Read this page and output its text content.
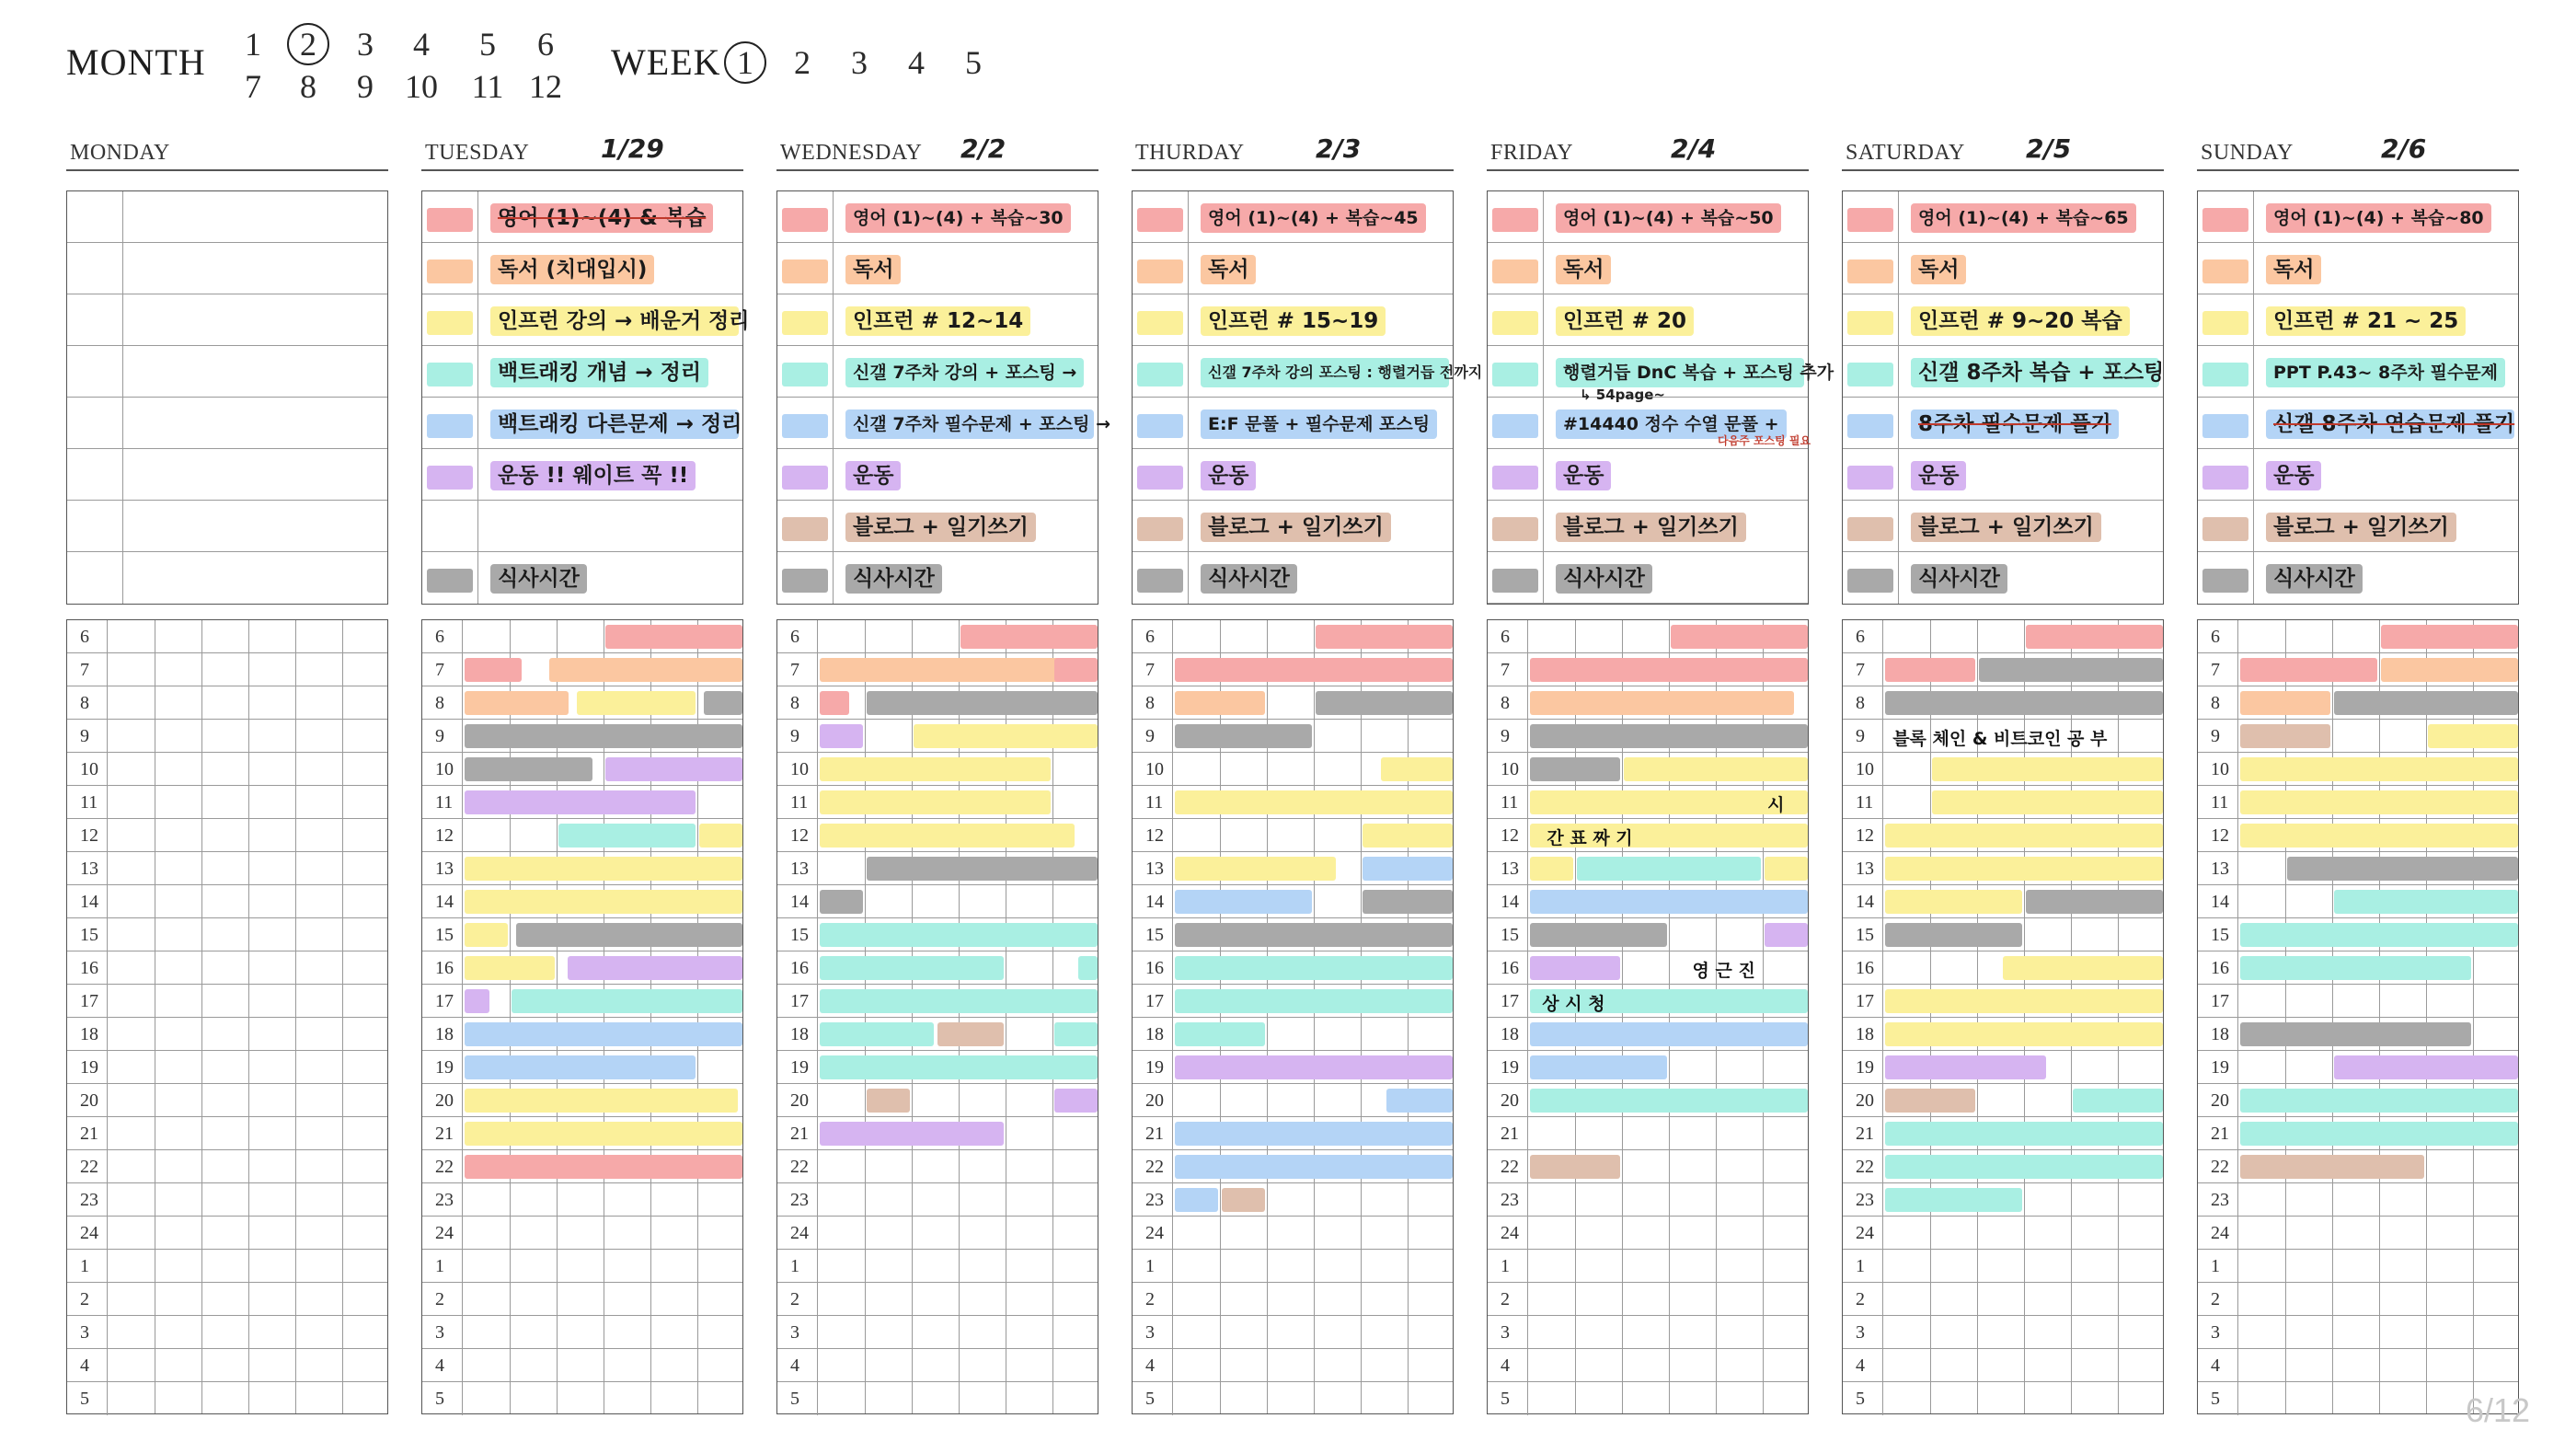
MONTH	1	2	3	4	5	6
7	8	9 10 11 12
WEEK 1	2	3	4	5
MONDAY
6
7
8
9
10
11
12
13
14
15
16
17
18
19
20
21
22
23
24
1
2
3
4
5
TUESDAY	1/29
영어 (1)~(4) & 복습
독서 (치대입시)
인프런 강의 → 배운거 정리
백트래킹 개념 → 정리
백트래킹 다른문제 → 정리
운동 !! 웨이트 꼭 !!
식사시간
6
7
8
9
10
11
12
13
14
15
16
17
18
19
20
21
22
23
24
1
2
3
4
5
WEDNESDAY 2/2
영어 (1)~(4) + 복습~30
독서
인프런 # 12~14
신갤 7주차 강의 + 포스팅 →
신갤 7주차 필수문제 + 포스팅 →
운동
블로그 + 일기쓰기
식사시간
6
7
8
9
10
11
12
13
14
15
16
17
18
19
20
21
22
23
24
1
2
3
4
5
THURDAY	2/3
영어 (1)~(4) + 복습~45
독서
인프런 # 15~19
신갤 7주차 강의 포스팅 : 행렬거듭 전까지
E:F 문풀 + 필수문제 포스팅
운동
블로그 + 일기쓰기
식사시간
6
7
8
9
10
11
12
13
14
15
16
17
18
19
20
21
22
23
24
1
2
3
4
5
FRIDAY	2/4
영어 (1)~(4) + 복습~50
독서
인프런 # 20
행렬거듭 DnC 복습 + 포스팅 추가
#14440 정수 수열 문풀 +
운동
블로그 + 일기쓰기
식사시간
↳ 54page~
다음주 포스팅 필요
6
7
8
9
10
11
12
13
14
15
16
17
18
19
20
21
22
23
24
1
2
3
4
5
시
간 표 짜 기
영 근 진
상 시 청
SATURDAY 2/5
영어 (1)~(4) + 복습~65
독서
인프런 # 9~20 복습
신갤 8주차 복습 + 포스팅
8주차 필수문제 풀기
운동
블로그 + 일기쓰기
식사시간
6
7
8
9
10
11
12
13
14
15
16
17
18
19
20
21
22
23
24
1
2
3
4
5
블록 체인 & 비트코인 공 부
SUNDAY	2/6
영어 (1)~(4) + 복습~80
독서
인프런 # 21 ~ 25
PPT P.43~ 8주차 필수문제
신갤 8주차 연습문제 풀기
운동
블로그 + 일기쓰기
식사시간
6
7
8
9
10
11
12
13
14
15
16
17
18
19
20
21
22
23
24
1
2
3
4
5	6/12
